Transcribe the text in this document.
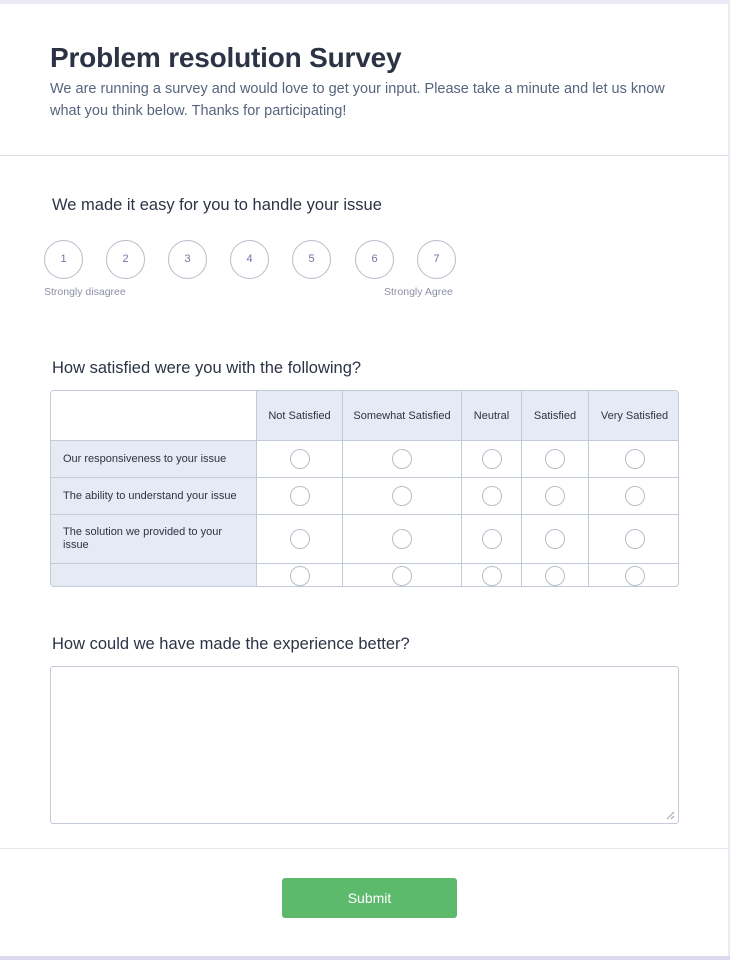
Problem resolution Survey
We are running a survey and would love to get your input. Please take a minute and let us know what you think below. Thanks for participating!
We made it easy for you to handle your issue
1	2	3	4	5	6	7
Strongly disagree	Strongly Agree
How satisfied were you with the following?
Not Satisfied	Somewhat Satisfied	Neutral	Satisfied	Very Satisfied
Our responsiveness to your issue
The ability to understand your issue
The solution we provided to your issue
How could we have made the experience better?
Submit
